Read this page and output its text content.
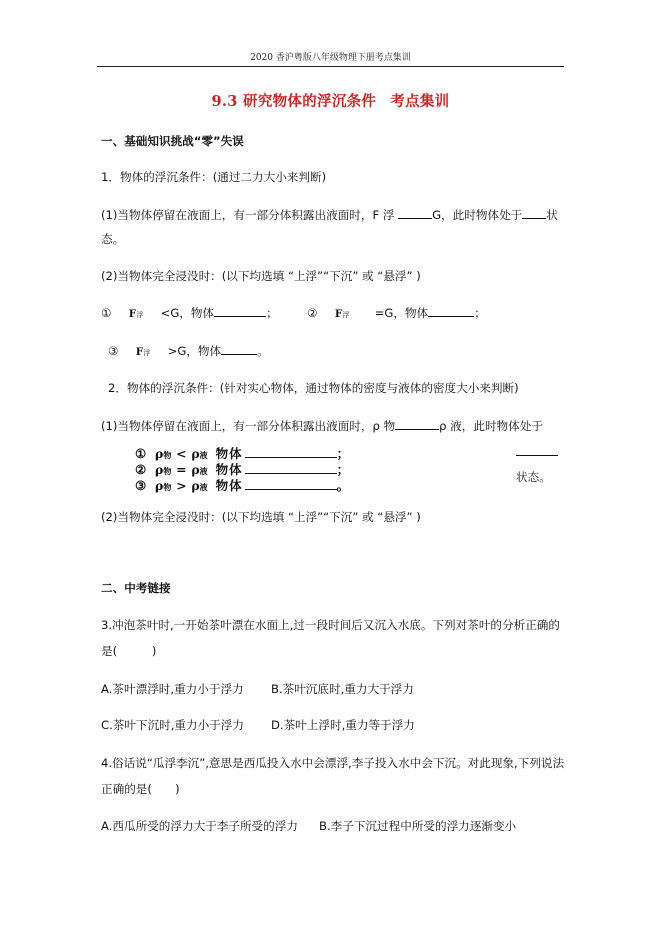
2020 香沪粤版八年级物理下册考点集训
9.3 研究物体的浮沉条件 考点集训
一、基础知识挑战“零”失误
1．物体的浮沉条件：(通过二力大小来判断)
(1)当物体停留在液面上，有一部分体积露出液面时，F 浮	G，此时物体处于 状
态。
(2)当物体完全浸没时：(以下均选填 “上浮”“下沉” 或 “悬浮” )
① F浮 <G，物体	；	② F浮 =G，物体	；
③ F浮 >G，物体	。
2．物体的浮沉条件：(针对实心物体，通过物体的密度与液体的密度大小来判断)
(1)当物体停留在液面上，有一部分体积露出液面时，ρ 物	ρ 液，此时物体处于
① ρ物 < ρ液 物体	；
② ρ物 = ρ液 物体	；
③ ρ物 > ρ液 物体	。
状态。
(2)当物体完全浸没时：(以下均选填 “上浮”“下沉” 或 “悬浮” )
二、中考链接
3.冲泡茶叶时,一开始茶叶漂在水面上,过一段时间后又沉入水底。下列对茶叶的分析正确的
是(　　　)
A.茶叶漂浮时,重力小于浮力 B.茶叶沉底时,重力大于浮力
C.茶叶下沉时,重力小于浮力 D.茶叶上浮时,重力等于浮力
4.俗话说“瓜浮李沉”,意思是西瓜投入水中会漂浮,李子投入水中会下沉。对此现象,下列说法
正确的是(　　)
A.西瓜所受的浮力大于李子所受的浮力 B.李子下沉过程中所受的浮力逐渐变小
